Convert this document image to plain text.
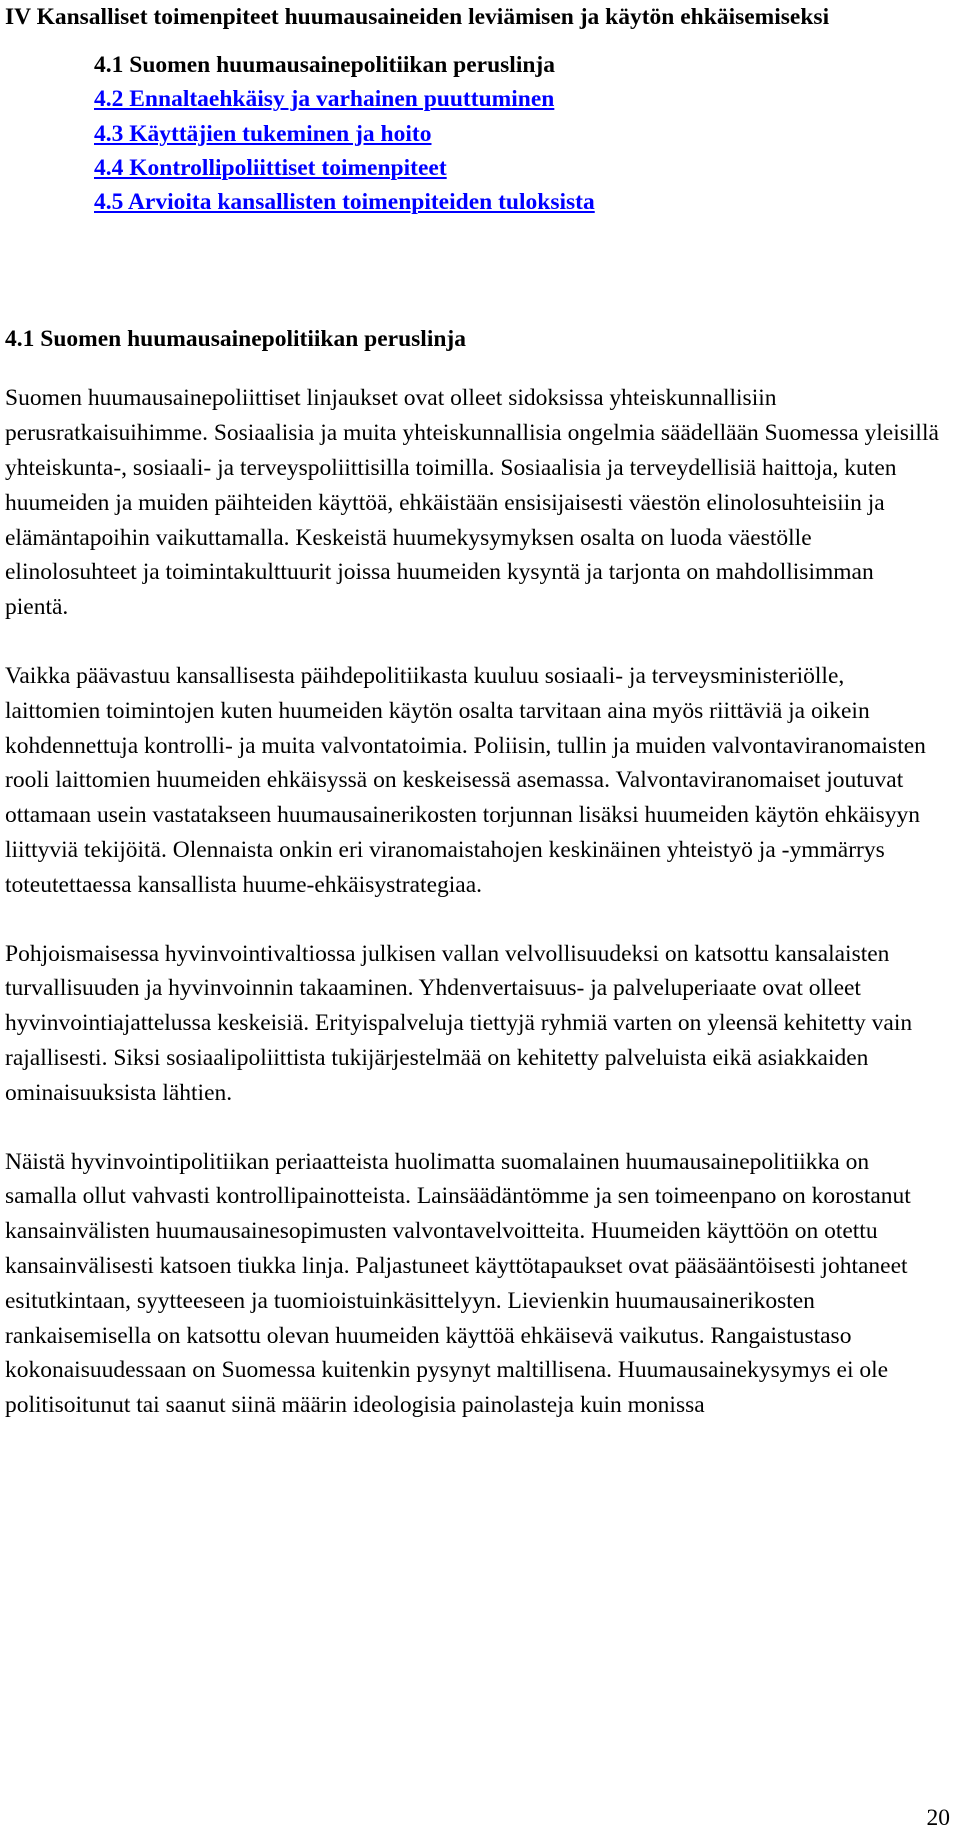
IV Kansalliset toimenpiteet huumausaineiden leviämisen ja käytön ehkäisemiseksi
4.1 Suomen huumausainepolitiikan peruslinja
4.2 Ennaltaehkäisy ja varhainen puuttuminen
4.3 Käyttäjien tukeminen ja hoito
4.4 Kontrollipoliittiset toimenpiteet
4.5 Arvioita kansallisten toimenpiteiden tuloksista
4.1 Suomen huumausainepolitiikan peruslinja

Suomen huumausainepoliittiset linjaukset ovat olleet sidoksissa yhteiskunnallisiin perusratkaisuihimme. Sosiaalisia ja muita yhteiskunnallisia ongelmia säädellään Suomessa yleisillä yhteiskunta-, sosiaali- ja terveyspoliittisilla toimilla. Sosiaalisia ja terveydellisiä haittoja, kuten huumeiden ja muiden päihteiden käyttöä, ehkäistään ensisijaisesti väestön elinolosuhteisiin ja elämäntapoihin vaikuttamalla. Keskeistä huumekysymyksen osalta on luoda väestölle elinolosuhteet ja toimintakulttuurit joissa huumeiden kysyntä ja tarjonta on mahdollisimman pientä.

Vaikka päävastuu kansallisesta päihdepolitiikasta kuuluu sosiaali- ja terveysministeriölle, laittomien toimintojen kuten huumeiden käytön osalta tarvitaan aina myös riittäviä ja oikein kohdennettuja kontrolli- ja muita valvontatoimia. Poliisin, tullin ja muiden valvontaviranomaisten rooli laittomien huumeiden ehkäisyssä on keskeisessä asemassa. Valvontaviranomaiset joutuvat ottamaan usein vastatakseen huumausainerikosten torjunnan lisäksi huumeiden käytön ehkäisyyn liittyviä tekijöitä. Olennaista onkin eri viranomaistahojen keskinäinen yhteistyö ja -ymmärrys toteutettaessa kansallista huume-ehkäisystrategiaa.

Pohjoismaisessa hyvinvointivaltiossa julkisen vallan velvollisuudeksi on katsottu kansalaisten turvallisuuden ja hyvinvoinnin takaaminen. Yhdenvertaisuus- ja palveluperiaate ovat olleet hyvinvointiajattelussa keskeisiä. Erityispalveluja tiettyjä ryhmiä varten on yleensä kehitetty vain rajallisesti. Siksi sosiaalipoliittista tukijärjestelmää on kehitetty palveluista eikä asiakkaiden ominaisuuksista lähtien.

Näistä hyvinvointipolitiikan periaatteista huolimatta suomalainen huumausainepolitiikka on samalla ollut vahvasti kontrollipainotteista. Lainsäädäntömme ja sen toimeenpano on korostanut kansainvälisten huumausainesopimusten valvontavelvoitteita. Huumeiden käyttöön on otettu kansainvälisesti katsoen tiukka linja. Paljastuneet käyttötapaukset ovat pääsääntöisesti johtaneet esitutkintaan, syytteeseen ja tuomioistuinkäsittelyyn. Lievienkin huumausainerikosten rankaisemisella on katsottu olevan huumeiden käyttöä ehkäisevä vaikutus. Rangaistustaso kokonaisuudessaan on Suomessa kuitenkin pysynyt maltillisena. Huumausainekysymys ei ole politisoitunut tai saanut siinä määrin ideologisia painolasteja kuin monissa

20
